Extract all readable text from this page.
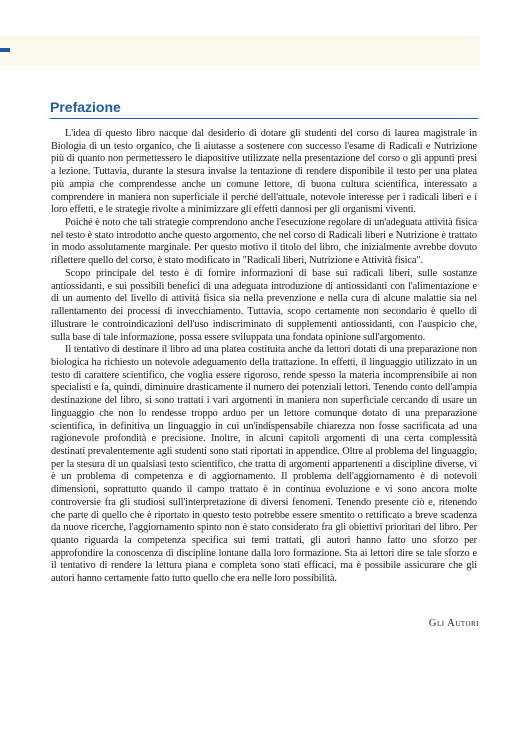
Prefazione

L'idea di questo libro nacque dal desiderio di dotare gli studenti del corso di laurea magistrale in Biologia di un testo organico, che li aiutasse a sostenere con successo l'esame di Radicali e Nutrizione più di quanto non permettessero le diapositive utilizzate nella presentazione del corso o gli appunti presi a lezione. Tuttavia, durante la stesura invalse la tentazione di rendere disponibile il testo per una platea più ampia che comprendesse anche un comune lettore, di buona cultura scientifica, interessato a comprendere in maniera non superficiale il perché dell'attuale, notevole interesse per i radicali liberi e i loro effetti, e le strategie rivolte a minimizzare gli effetti dannosi per gli organismi viventi.

Poiché è noto che tali strategie comprendono anche l'esecuzione regolare di un'adeguata attività fisica nel testo è stato introdotto anche questo argomento, che nel corso di Radicali liberi e Nutrizione è trattato in modo assolutamente marginale. Per questo motivo il titolo del libro, che inizialmente avrebbe dovuto riflettere quello del corso, è stato modificato in "Radicali liberi, Nutrizione e Attività fisica".

Scopo principale del testo è di fornire informazioni di base sui radicali liberi, sulle sostanze antiossidanti, e sui possibili benefici di una adeguata introduzione di antiossidanti con l'alimentazione e di un aumento del livello di attività fisica sia nella prevenzione e nella cura di alcune malattie sia nel rallentamento dei processi di invecchiamento. Tuttavia, scopo certamente non secondario è quello di illustrare le controindicazioni dell'uso indiscriminato di supplementi antiossidanti, con l'auspicio che, sulla base di tale informazione, possa essere sviluppata una fondata opinione sull'argomento.

Il tentativo di destinare il libro ad una platea costituita anche da lettori dotati di una preparazione non biologica ha richiesto un notevole adeguamento della trattazione. In effetti, il linguaggio utilizzato in un testo di carattere scientifico, che voglia essere rigoroso, rende spesso la materia incomprensibile ai non specialisti e fa, quindi, diminuire drasticamente il numero dei potenziali lettori. Tenendo conto dell'ampia destinazione del libro, si sono trattati i vari argomenti in maniera non superficiale cercando di usare un linguaggio che non lo rendesse troppo arduo per un lettore comunque dotato di una preparazione scientifica, in definitiva un linguaggio in cui un'indispensabile chiarezza non fosse sacrificata ad una ragionevole profondità e precisione. Inoltre, in alcuni capitoli argomenti di una certa complessità destinati prevalentemente agli studenti sono stati riportati in appendice. Oltre al problema del linguaggio, per la stesura di un qualsiasi testo scientifico, che tratta di argomenti appartenenti a discipline diverse, vi è un problema di competenza e di aggiornamento. Il problema dell'aggiornamento è di notevoli dimensioni, soprattutto quando il campo trattato è in continua evoluzione e vi sono ancora molte controversie fra gli studiosi sull'interpretazione di diversi fenomeni. Tenendo presente ciò e, ritenendo che parte di quello che è riportato in questo testo potrebbe essere smentito o rettificato a breve scadenza da nuove ricerche, l'aggiornamento spinto non è stato considerato fra gli obiettivi prioritari del libro. Per quanto riguarda la competenza specifica sui temi trattati, gli autori hanno fatto uno sforzo per approfondire la conoscenza di discipline lontane dalla loro formazione. Sta ai lettori dire se tale sforzo e il tentativo di rendere la lettura piana e completa sono stati efficaci, ma è possibile assicurare che gli autori hanno certamente fatto tutto quello che era nelle loro possibilità.

Gli Autori
